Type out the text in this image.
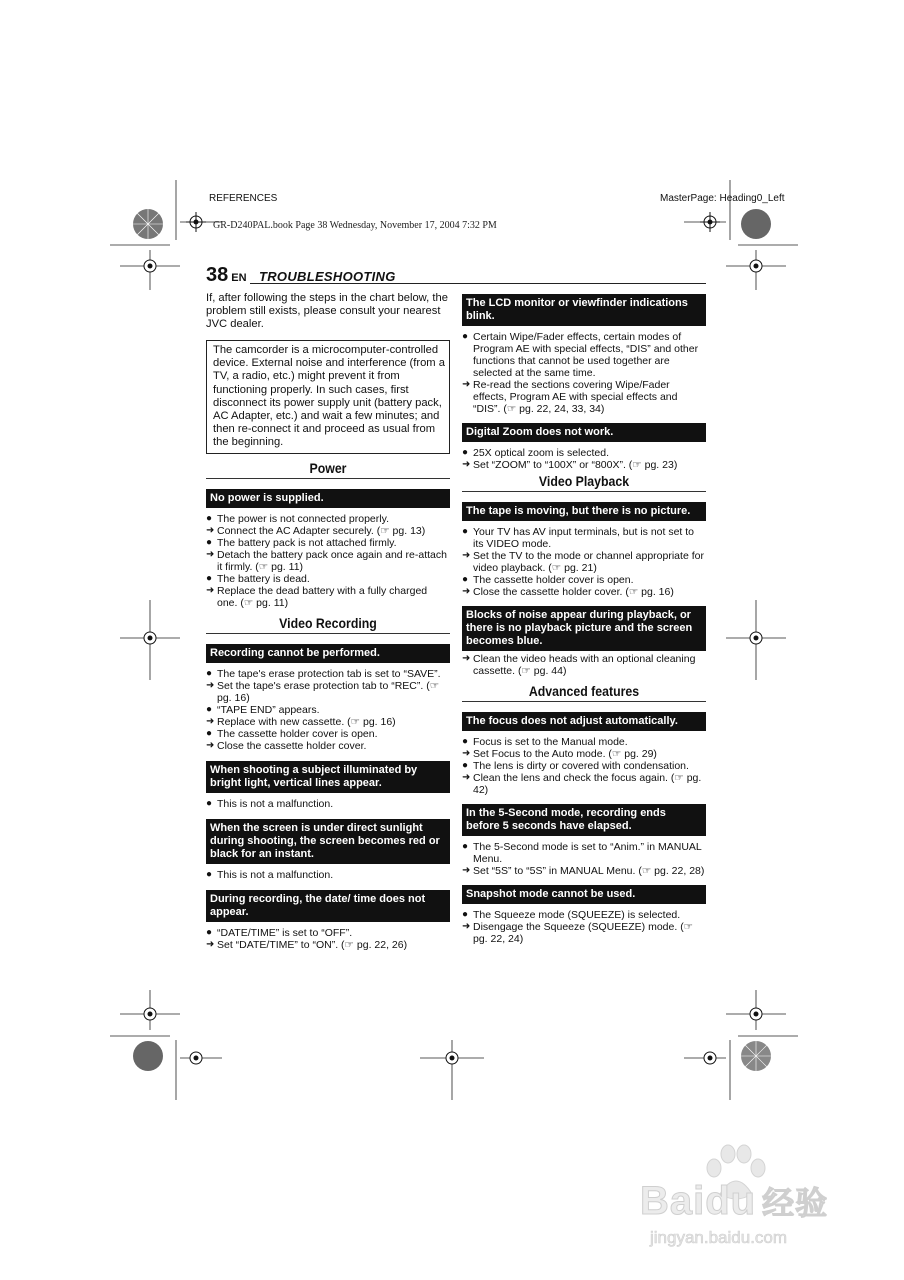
REFERENCES	MasterPage: Heading0_Left
GR-D240PAL.book Page 38 Wednesday, November 17, 2004 7:32 PM
38 EN TROUBLESHOOTING
If, after following the steps in the chart below, the problem still exists, please consult your nearest JVC dealer.
The camcorder is a microcomputer-controlled device. External noise and interference (from a TV, a radio, etc.) might prevent it from functioning properly. In such cases, first disconnect its power supply unit (battery pack, AC Adapter, etc.) and wait a few minutes; and then re-connect it and proceed as usual from the beginning.
Power
No power is supplied.
● The power is not connected properly.
➜ Connect the AC Adapter securely. (☞ pg. 13)
● The battery pack is not attached firmly.
➜ Detach the battery pack once again and re-attach it firmly. (☞ pg. 11)
● The battery is dead.
➜ Replace the dead battery with a fully charged one. (☞ pg. 11)
Video Recording
Recording cannot be performed.
● The tape's erase protection tab is set to “SAVE”.
➜ Set the tape's erase protection tab to “REC”. (☞ pg. 16)
● “TAPE END” appears.
➜ Replace with new cassette. (☞ pg. 16)
● The cassette holder cover is open.
➜ Close the cassette holder cover.
When shooting a subject illuminated by bright light, vertical lines appear.
● This is not a malfunction.
When the screen is under direct sunlight during shooting, the screen becomes red or black for an instant.
● This is not a malfunction.
During recording, the date/ time does not appear.
● “DATE/TIME” is set to “OFF”.
➜ Set “DATE/TIME” to “ON”. (☞ pg. 22, 26)
The LCD monitor or viewfinder indications blink.
● Certain Wipe/Fader effects, certain modes of Program AE with special effects, “DIS” and other functions that cannot be used together are selected at the same time.
➜ Re-read the sections covering Wipe/Fader effects, Program AE with special effects and “DIS”. (☞ pg. 22, 24, 33, 34)
Digital Zoom does not work.
● 25X optical zoom is selected.
➜ Set “ZOOM” to “100X” or “800X”. (☞ pg. 23)
Video Playback
The tape is moving, but there is no picture.
● Your TV has AV input terminals, but is not set to its VIDEO mode.
➜ Set the TV to the mode or channel appropriate for video playback. (☞ pg. 21)
● The cassette holder cover is open.
➜ Close the cassette holder cover. (☞ pg. 16)
Blocks of noise appear during playback, or there is no playback picture and the screen becomes blue.
➜ Clean the video heads with an optional cleaning cassette. (☞ pg. 44)
Advanced features
The focus does not adjust automatically.
● Focus is set to the Manual mode.
➜ Set Focus to the Auto mode. (☞ pg. 29)
● The lens is dirty or covered with condensation.
➜ Clean the lens and check the focus again. (☞ pg. 42)
In the 5-Second mode, recording ends before 5 seconds have elapsed.
● The 5-Second mode is set to “Anim.” in MANUAL Menu.
➜ Set “5S” to “5S” in MANUAL Menu. (☞ pg. 22, 28)
Snapshot mode cannot be used.
● The Squeeze mode (SQUEEZE) is selected.
➜ Disengage the Squeeze (SQUEEZE) mode. (☞ pg. 22, 24)
Baidu 经验
jingyan.baidu.com
